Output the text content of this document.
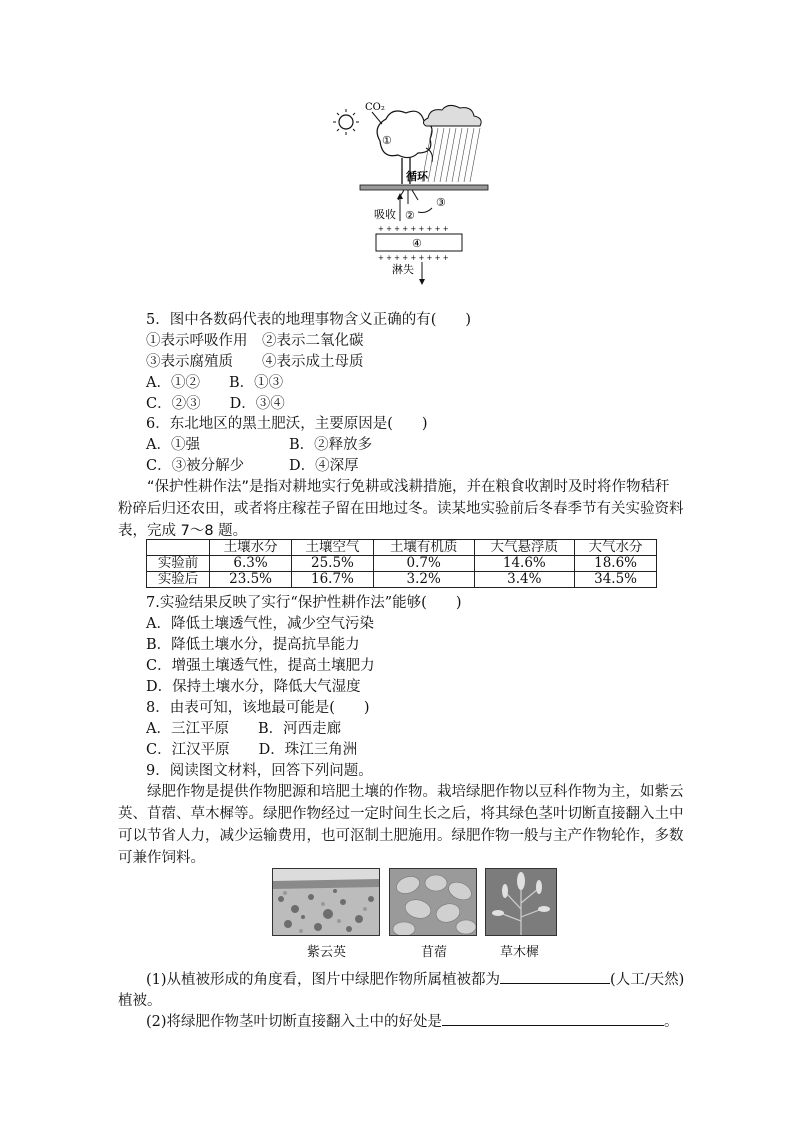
CO₂
①
循环
吸收 ②
③
+ + + + + + + + +
④
+ + + + + + + + +
淋失
5．图中各数码代表的地理事物含义正确的有(　　)
①表示呼吸作用　②表示二氧化碳
③表示腐殖质　　④表示成土母质
A．①②　　B．①③
C．②③　　D．③④
6．东北地区的黑土肥沃，主要原因是(　　)
A．①强	B．②释放多
C．③被分解少	D．④深厚
“保护性耕作法”是指对耕地实行免耕或浅耕措施，并在粮食收割时及时将作物秸秆粉碎后归还农田，或者将庄稼茬子留在田地过冬。读某地实验前后冬春季节有关实验资料表，完成 7～8 题。
	土壤水分	土壤空气	土壤有机质	大气悬浮质	大气水分
实验前	6.3%	25.5%	0.7%	14.6%	18.6%
实验后	23.5%	16.7%	3.2%	3.4%	34.5%
7.实验结果反映了实行“保护性耕作法”能够(　　)
A．降低土壤透气性，减少空气污染
B．降低土壤水分，提高抗旱能力
C．增强土壤透气性，提高土壤肥力
D．保持土壤水分，降低大气湿度
8．由表可知，该地最可能是(　　)
A．三江平原　　B．河西走廊
C．江汉平原　　D．珠江三角洲
9．阅读图文材料，回答下列问题。
绿肥作物是提供作物肥源和培肥土壤的作物。栽培绿肥作物以豆科作物为主，如紫云英、苜蓿、草木樨等。绿肥作物经过一定时间生长之后，将其绿色茎叶切断直接翻入土中可以节省人力，减少运输费用，也可沤制土肥施用。绿肥作物一般与主产作物轮作，多数可兼作饲料。
紫云英	苜蓿	草木樨
(1)从植被形成的角度看，图片中绿肥作物所属植被都为	(人工/天然)
植被。
(2)将绿肥作物茎叶切断直接翻入土中的好处是	。
